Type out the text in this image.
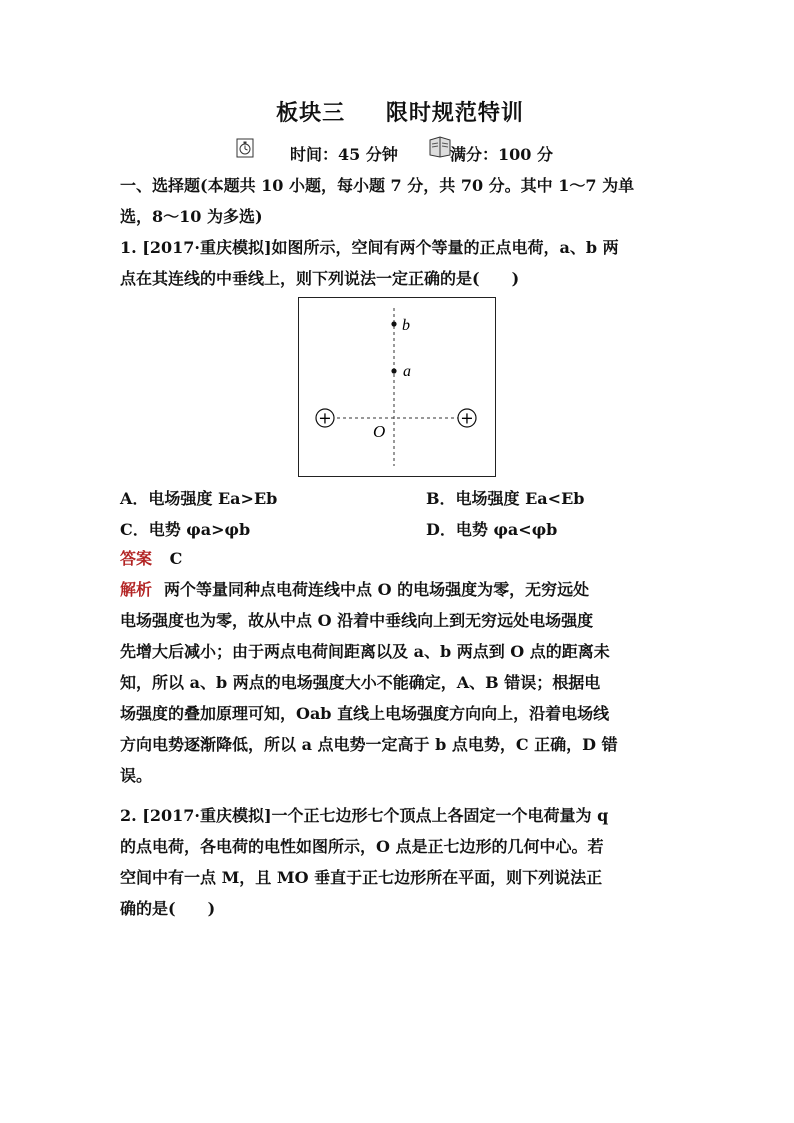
板块三 限时规范特训
时间：45 分钟	满分：100 分
一、选择题(本题共 10 小题，每小题 7 分，共 70 分。其中 1～7 为单
选，8～10 为多选)
1. [2017·重庆模拟]如图所示，空间有两个等量的正点电荷，a、b 两
点在其连线的中垂线上，则下列说法一定正确的是(　　)
b
a
+	+
O
A．电场强度 Ea>Eb	B．电场强度 Ea<Eb
C．电势 φa>φb	D．电势 φa<φb
答案 C
解析 两个等量同种点电荷连线中点 O 的电场强度为零，无穷远处
电场强度也为零，故从中点 O 沿着中垂线向上到无穷远处电场强度
先增大后减小；由于两点电荷间距离以及 a、b 两点到 O 点的距离未
知，所以 a、b 两点的电场强度大小不能确定，A、B 错误；根据电
场强度的叠加原理可知，Oab 直线上电场强度方向向上，沿着电场线
方向电势逐渐降低，所以 a 点电势一定高于 b 点电势，C 正确，D 错
误。
2. [2017·重庆模拟]一个正七边形七个顶点上各固定一个电荷量为 q
的点电荷，各电荷的电性如图所示，O 点是正七边形的几何中心。若
空间中有一点 M，且 MO 垂直于正七边形所在平面，则下列说法正
确的是(　　)
